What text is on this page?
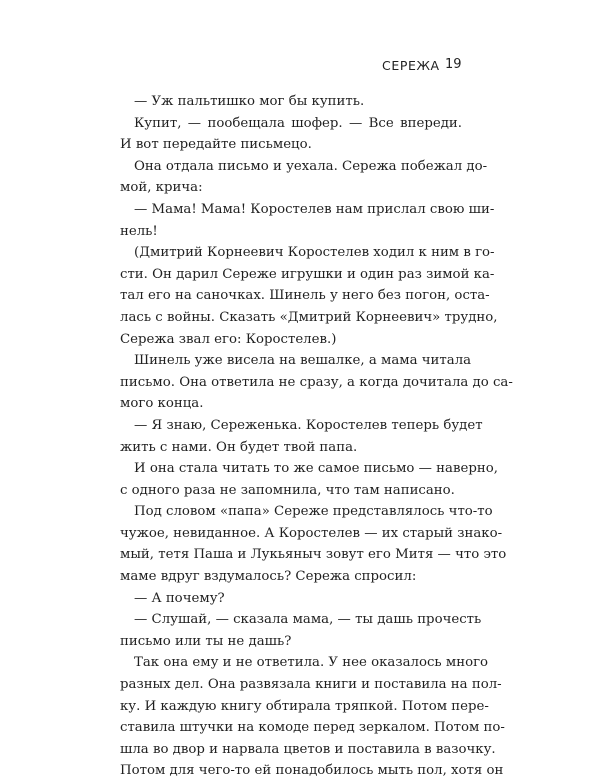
СЕРЕЖА 19
— Уж пальтишко мог бы купить.
Купит, — пообещала шофер. — Все впереди.
И вот передайте письмецо.
Она отдала письмо и уехала. Сережа побежал до-
мой, крича:
— Мама! Мама! Коростелев нам прислал свою ши-
нель!
(Дмитрий Корнеевич Коростелев ходил к ним в го-
сти. Он дарил Сереже игрушки и один раз зимой ка-
тал его на саночках. Шинель у него без погон, оста-
лась с войны. Сказать «Дмитрий Корнеевич» трудно,
Сережа звал его: Коростелев.)
Шинель уже висела на вешалке, а мама читала
письмо. Она ответила не сразу, а когда дочитала до са-
мого конца.
— Я знаю, Сереженька. Коростелев теперь будет
жить с нами. Он будет твой папа.
И она стала читать то же самое письмо — наверно,
с одного раза не запомнила, что там написано.
Под словом «папа» Сереже представлялось что-то
чужое, невиданное. А Коростелев — их старый знако-
мый, тетя Паша и Лукьяныч зовут его Митя — что это
маме вдруг вздумалось? Сережа спросил:
— А почему?
— Слушай, — сказала мама, — ты дашь прочесть
письмо или ты не дашь?
Так она ему и не ответила. У нее оказалось много
разных дел. Она развязала книги и поставила на пол-
ку. И каждую книгу обтирала тряпкой. Потом пере-
ставила штучки на комоде перед зеркалом. Потом по-
шла во двор и нарвала цветов и поставила в вазочку.
Потом для чего-то ей понадобилось мыть пол, хотя он
